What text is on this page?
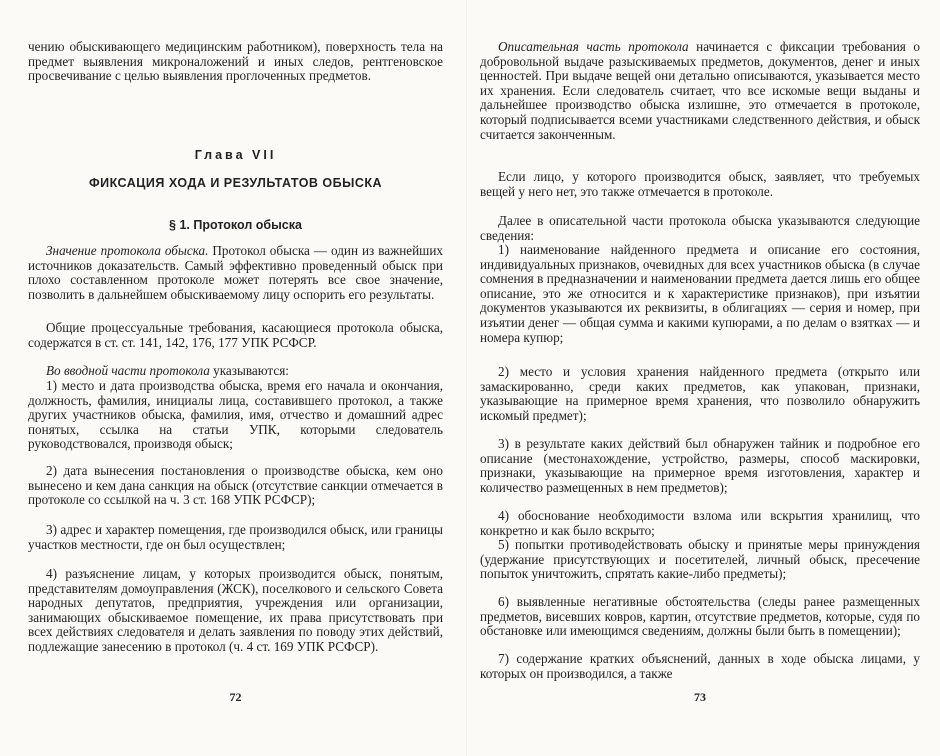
чению обыскивающего медицинским работником), поверхность тела на предмет выявления микроналожений и иных следов, рентгеновское просвечивание с целью выявления проглоченных предметов.

Глава VII
ФИКСАЦИЯ ХОДА И РЕЗУЛЬТАТОВ ОБЫСКА
§ 1. Протокол обыска

Значение протокола обыска. Протокол обыска — один из важнейших источников доказательств. Самый эффективно проведенный обыск при плохо составленном протоколе может потерять все свое значение, позволить в дальнейшем обыскиваемому лицу оспорить его результаты.

Общие процессуальные требования, касающиеся протокола обыска, содержатся в ст. ст. 141, 142, 176, 177 УПК РСФСР.

Во вводной части протокола указываются:

1) место и дата производства обыска, время его начала и окончания, должность, фамилия, инициалы лица, составившего протокол, а также других участников обыска, фамилия, имя, отчество и домашний адрес понятых, ссылка на статьи УПК, которыми следователь руководствовался, производя обыск;

2) дата вынесения постановления о производстве обыска, кем оно вынесено и кем дана санкция на обыск (отсутствие санкции отмечается в протоколе со ссылкой на ч. 3 ст. 168 УПК РСФСР);

3) адрес и характер помещения, где производился обыск, или границы участков местности, где он был осуществлен;

4) разъяснение лицам, у которых производится обыск, понятым, представителям домоуправления (ЖСК), поселкового и сельского Совета народных депутатов, предприятия, учреждения или организации, занимающих обыскиваемое помещение, их права присутствовать при всех действиях следователя и делать заявления по поводу этих действий, подлежащие занесению в протокол (ч. 4 ст. 169 УПК РСФСР).

72

Описательная часть протокола начинается с фиксации требования о добровольной выдаче разыскиваемых предметов, документов, денег и иных ценностей. При выдаче вещей они детально описываются, указывается место их хранения. Если следователь считает, что все искомые вещи выданы и дальнейшее производство обыска излишне, это отмечается в протоколе, который подписывается всеми участниками следственного действия, и обыск считается законченным.

Если лицо, у которого производится обыск, заявляет, что требуемых вещей у него нет, это также отмечается в протоколе.

Далее в описательной части протокола обыска указываются следующие сведения:

1) наименование найденного предмета и описание его состояния, индивидуальных признаков, очевидных для всех участников обыска (в случае сомнения в предназначении и наименовании предмета дается лишь его общее описание, это же относится и к характеристике признаков), при изъятии документов указываются их реквизиты, в облигациях — серия и номер, при изъятии денег — общая сумма и какими купюрами, а по делам о взятках — и номера купюр;

2) место и условия хранения найденного предмета (открыто или замаскированно, среди каких предметов, как упакован, признаки, указывающие на примерное время хранения, что позволило обнаружить искомый предмет);

3) в результате каких действий был обнаружен тайник и подробное его описание (местонахождение, устройство, размеры, способ маскировки, признаки, указывающие на примерное время изготовления, характер и количество размещенных в нем предметов);

4) обоснование необходимости взлома или вскрытия хранилищ, что конкретно и как было вскрыто;

5) попытки противодействовать обыску и принятые меры принуждения (удержание присутствующих и посетителей, личный обыск, пресечение попыток уничтожить, спрятать какие-либо предметы);

6) выявленные негативные обстоятельства (следы ранее размещенных предметов, висевших ковров, картин, отсутствие предметов, которые, судя по обстановке или имеющимся сведениям, должны были быть в помещении);

7) содержание кратких объяснений, данных в ходе обыска лицами, у которых он производился, а также

73
